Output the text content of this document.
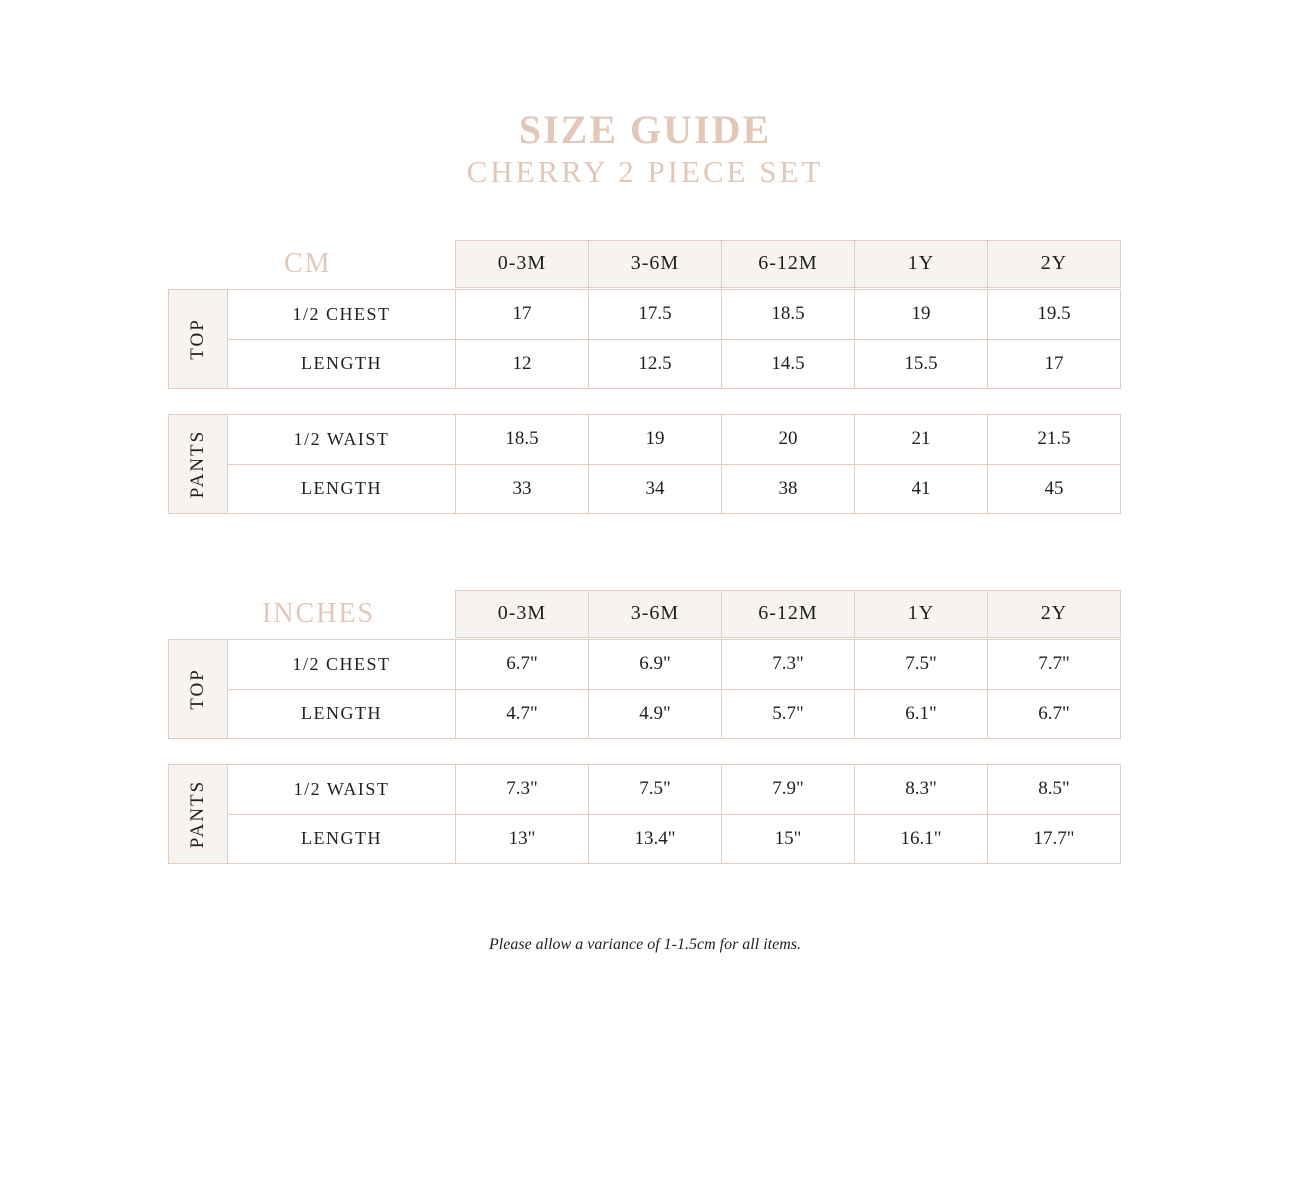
SIZE GUIDE
CHERRY 2 PIECE SET
CM	0-3M	3-6M	6-12M	1Y	2Y
TOP
1/2 CHEST	17	17.5	18.5	19	19.5
LENGTH	12	12.5	14.5	15.5	17
PANTS	1/2 WAIST	18.5	19	20	21	21.5
LENGTH	33	34	38	41	45
INCHES	0-3M	3-6M	6-12M	1Y	2Y
TOP
1/2 CHEST	6.7"	6.9"	7.3"	7.5"	7.7"
LENGTH	4.7"	4.9"	5.7"	6.1"	6.7"
PANTS	1/2 WAIST	7.3"	7.5"	7.9"	8.3"	8.5"
LENGTH	13"	13.4"	15"	16.1"	17.7"
Please allow a variance of 1-1.5cm for all items.
